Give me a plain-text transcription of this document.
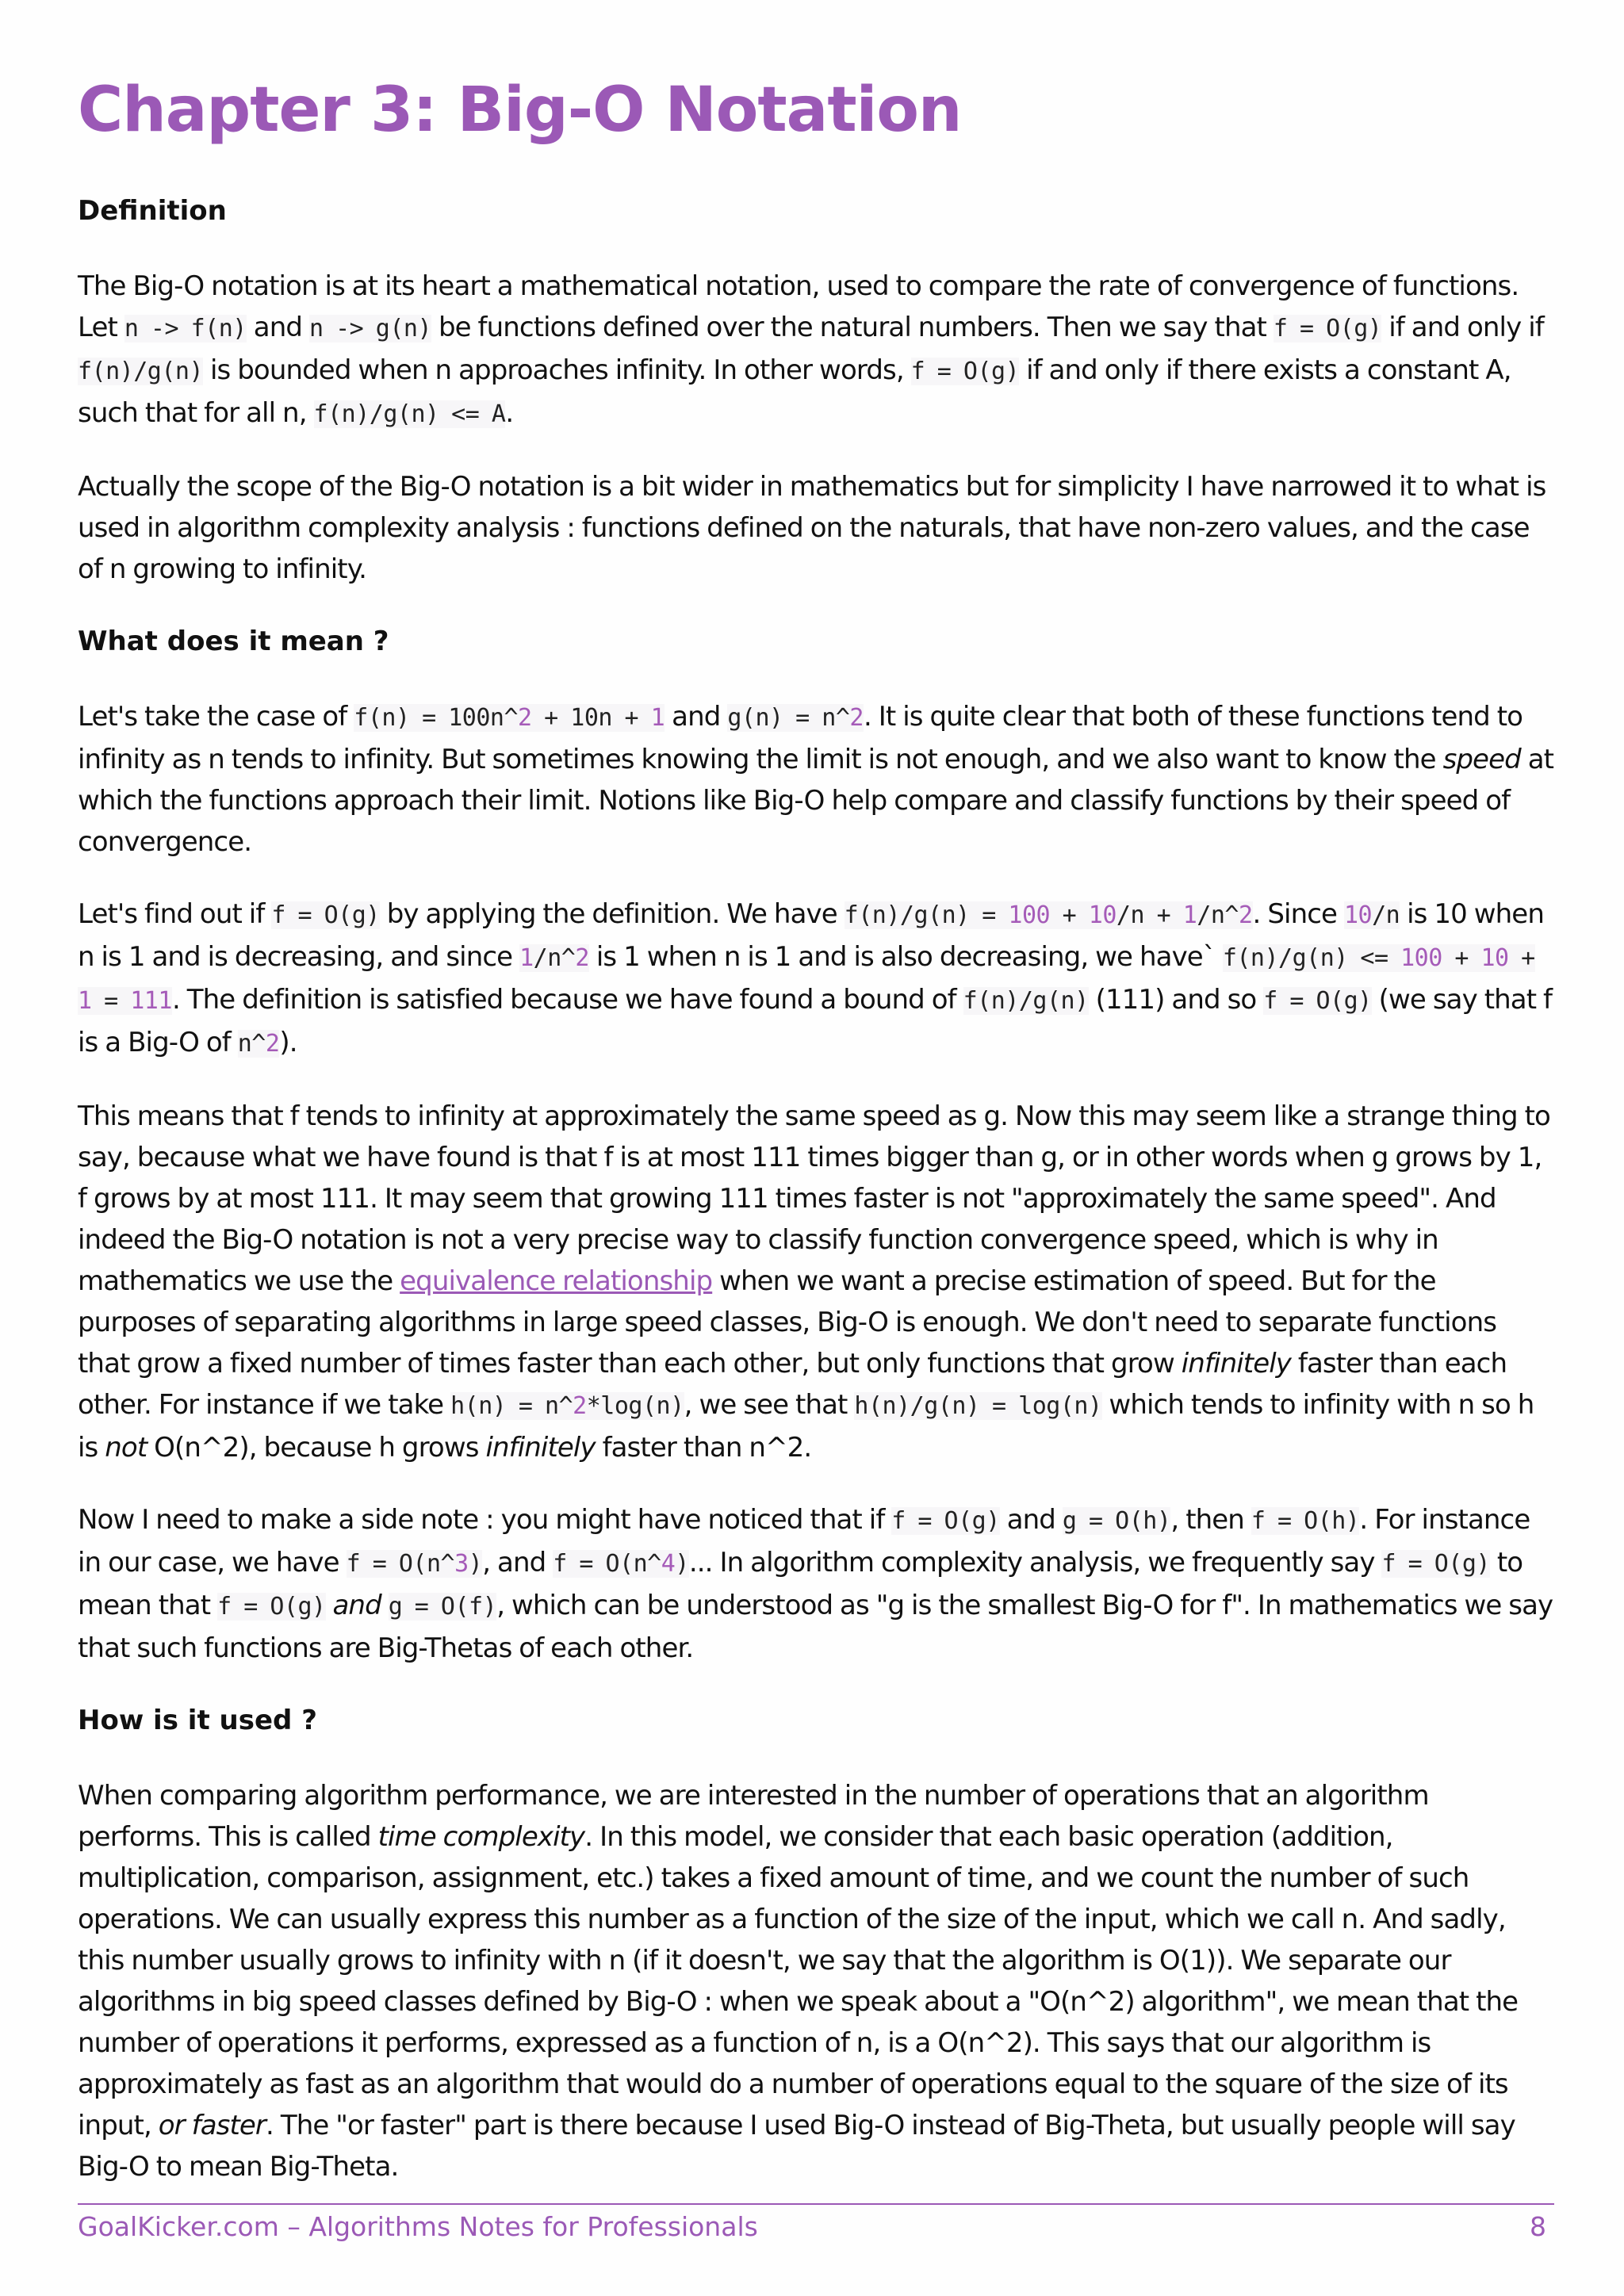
Chapter 3: Big-O Notation
Definition

The Big-O notation is at its heart a mathematical notation, used to compare the rate of convergence of functions. Let n -> f(n) and n -> g(n) be functions defined over the natural numbers. Then we say that f = O(g) if and only if f(n)/g(n) is bounded when n approaches infinity. In other words, f = O(g) if and only if there exists a constant A, such that for all n, f(n)/g(n) <= A.

Actually the scope of the Big-O notation is a bit wider in mathematics but for simplicity I have narrowed it to what is used in algorithm complexity analysis : functions defined on the naturals, that have non-zero values, and the case of n growing to infinity.

What does it mean ?

Let's take the case of f(n) = 100n^2 + 10n + 1 and g(n) = n^2. It is quite clear that both of these functions tend to infinity as n tends to infinity. But sometimes knowing the limit is not enough, and we also want to know the speed at which the functions approach their limit. Notions like Big-O help compare and classify functions by their speed of convergence.

Let's find out if f = O(g) by applying the definition. We have f(n)/g(n) = 100 + 10/n + 1/n^2. Since 10/n is 10 when n is 1 and is decreasing, and since 1/n^2 is 1 when n is 1 and is also decreasing, we have` f(n)/g(n) <= 100 + 10 + 1 = 111. The definition is satisfied because we have found a bound of f(n)/g(n) (111) and so f = O(g) (we say that f is a Big-O of n^2).

This means that f tends to infinity at approximately the same speed as g. Now this may seem like a strange thing to say, because what we have found is that f is at most 111 times bigger than g, or in other words when g grows by 1, f grows by at most 111. It may seem that growing 111 times faster is not "approximately the same speed". And indeed the Big-O notation is not a very precise way to classify function convergence speed, which is why in mathematics we use the equivalence relationship when we want a precise estimation of speed. But for the purposes of separating algorithms in large speed classes, Big-O is enough. We don't need to separate functions that grow a fixed number of times faster than each other, but only functions that grow infinitely faster than each other. For instance if we take h(n) = n^2*log(n), we see that h(n)/g(n) = log(n) which tends to infinity with n so h is not O(n^2), because h grows infinitely faster than n^2.

Now I need to make a side note : you might have noticed that if f = O(g) and g = O(h), then f = O(h). For instance in our case, we have f = O(n^3), and f = O(n^4)... In algorithm complexity analysis, we frequently say f = O(g) to mean that f = O(g) and g = O(f), which can be understood as "g is the smallest Big-O for f". In mathematics we say that such functions are Big-Thetas of each other.

How is it used ?

When comparing algorithm performance, we are interested in the number of operations that an algorithm performs. This is called time complexity. In this model, we consider that each basic operation (addition, multiplication, comparison, assignment, etc.) takes a fixed amount of time, and we count the number of such operations. We can usually express this number as a function of the size of the input, which we call n. And sadly, this number usually grows to infinity with n (if it doesn't, we say that the algorithm is O(1)). We separate our algorithms in big speed classes defined by Big-O : when we speak about a "O(n^2) algorithm", we mean that the number of operations it performs, expressed as a function of n, is a O(n^2). This says that our algorithm is approximately as fast as an algorithm that would do a number of operations equal to the square of the size of its input, or faster. The "or faster" part is there because I used Big-O instead of Big-Theta, but usually people will say Big-O to mean Big-Theta.

GoalKicker.com – Algorithms Notes for Professionals	8
